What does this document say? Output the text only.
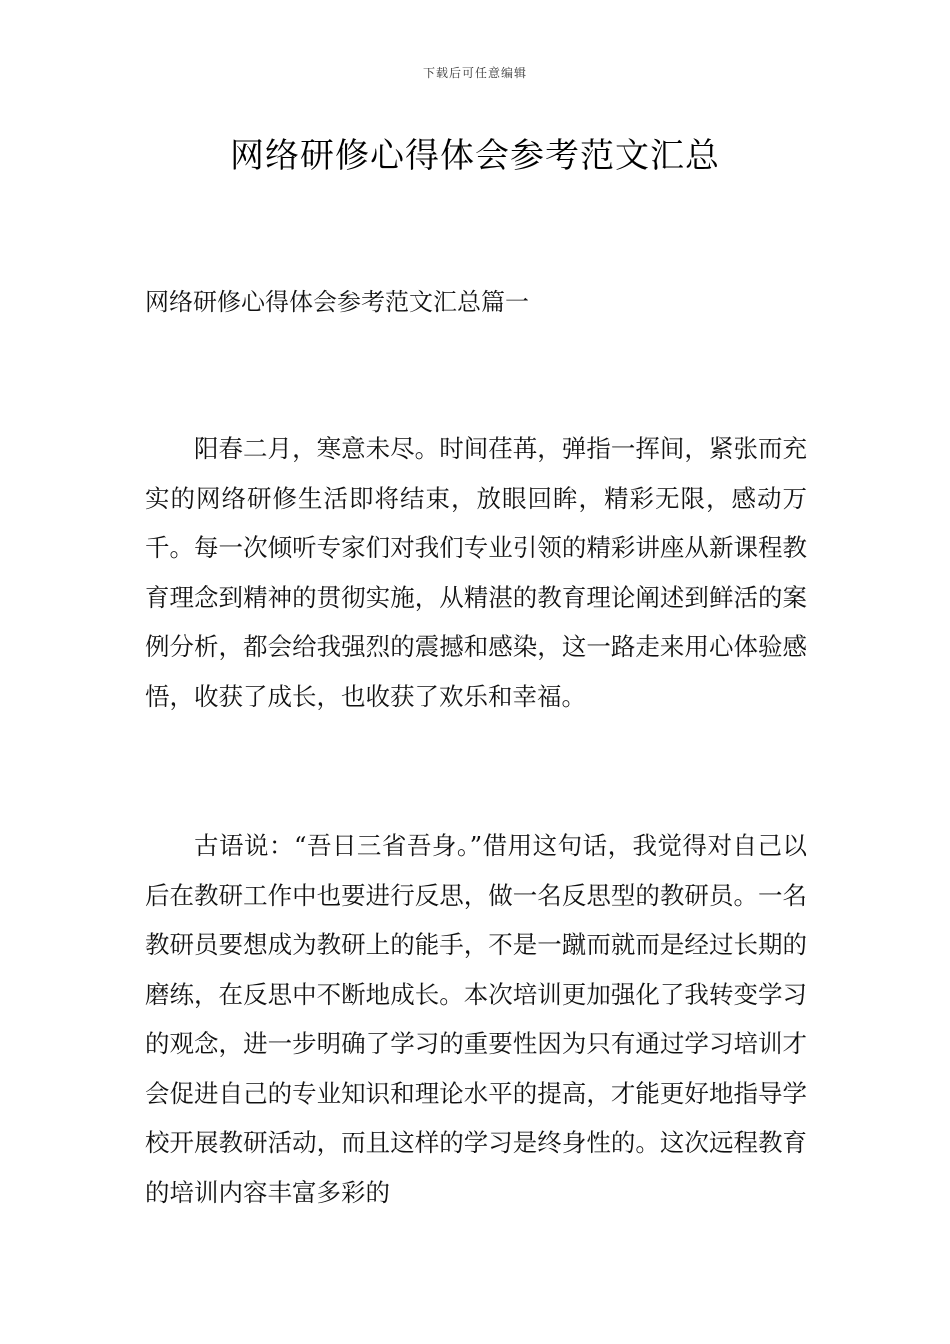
下载后可任意编辑
网络研修心得体会参考范文汇总
网络研修心得体会参考范文汇总篇一

阳春二月，寒意未尽。时间荏苒，弹指一挥间，紧张而充实的网络研修生活即将结束，放眼回眸，精彩无限，感动万千。每一次倾听专家们对我们专业引领的精彩讲座从新课程教育理念到精神的贯彻实施，从精湛的教育理论阐述到鲜活的案例分析，都会给我强烈的震撼和感染，这一路走来用心体验感悟，收获了成长，也收获了欢乐和幸福。

古语说：“吾日三省吾身。”借用这句话，我觉得对自己以后在教研工作中也要进行反思，做一名反思型的教研员。一名教研员要想成为教研上的能手，不是一蹴而就而是经过长期的磨练，在反思中不断地成长。本次培训更加强化了我转变学习的观念，进一步明确了学习的重要性因为只有通过学习培训才会促进自己的专业知识和理论水平的提高，才能更好地指导学校开展教研活动，而且这样的学习是终身性的。这次远程教育的培训内容丰富多彩的
